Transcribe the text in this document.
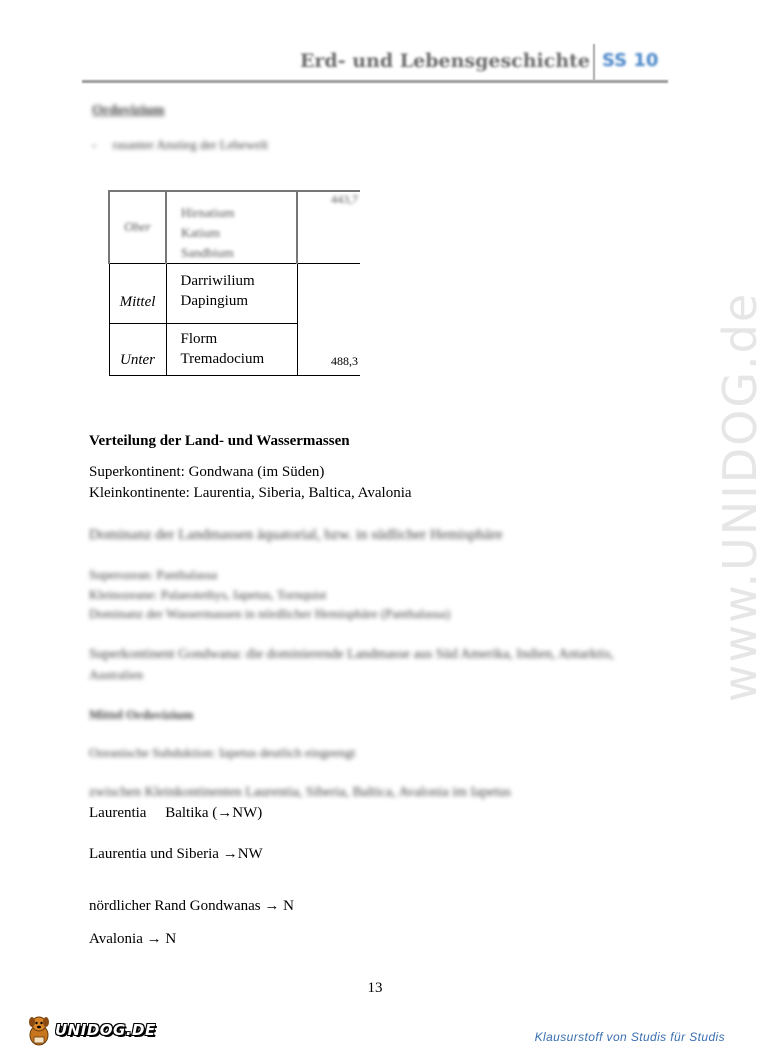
Erd- und Lebensgeschichte SS 10
www.UNIDOG.de
Ordovizium
-     rasanter Anstieg der Lebewelt
Ober	Hirnatium
Katium
Sandbium	443,7
Mittel	Darriwilium
Dapingium	

Unter	Florm
Tremadocium	488,3
Verteilung der Land- und Wassermassen
Superkontinent: Gondwana (im Süden)
Kleinkontinente: Laurentia, Siberia, Baltica, Avalonia
Dominanz der Landmassen äquatorial, bzw. in südlicher Hemisphäre
Superozean: Panthalassa
Kleinozeane: Palaeotethys, Iapetus, Tornquist
Dominanz der Wassermassen in nördlicher Hemisphäre (Panthalassa)
Superkontinent Gondwana: die dominierende Landmasse aus Süd Amerika, Indien, Antarktis,
Australien
Mittel Ordovizium
Ozeanische Subduktion: Iapetus deutlich eingeengt
zwischen Kleinkontinenten Laurentia, Siberia, Baltica, Avalonia im Iapetus
Laurentia Baltika (→NW)
Laurentia und Siberia →NW
nördlicher Rand Gondwanas → N
Avalonia → N
13
UNIDOG.DE	Klausurstoff von Studis für Studis
